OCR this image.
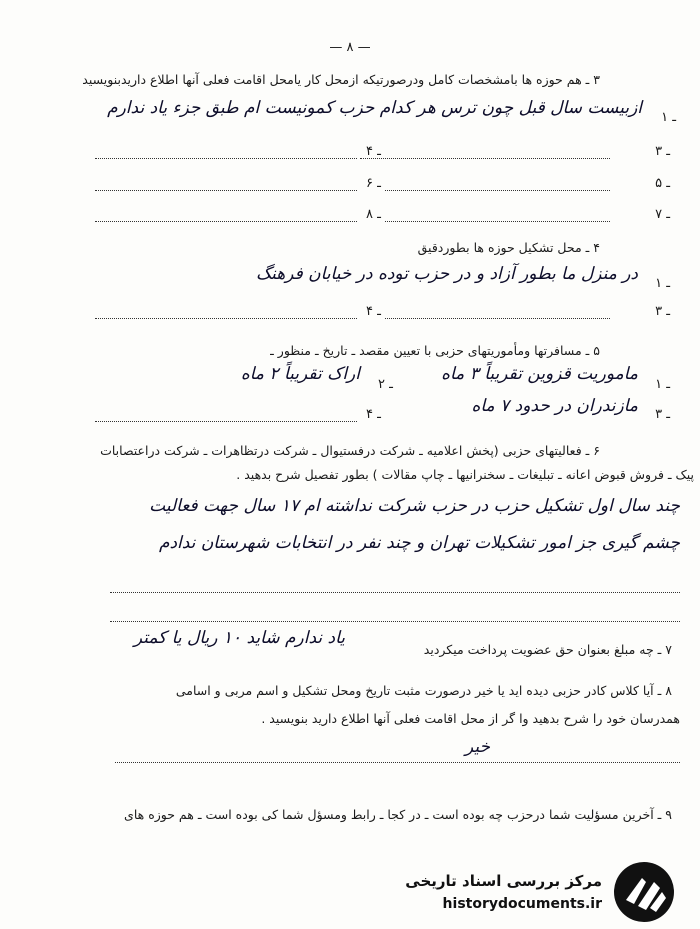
— ۸ —
۳ ـ هم حوزه ها بامشخصات کامل ودرصورتیکه ازمحل کار یامحل اقامت فعلی آنها اطلاع داریدبنویسید
ازبیست سال قبل چون ترس هر کدام حزب کمونیست ام طبق جزء یاد ندارم ۱ ـ
۳ ـ
۴ ـ
۵ ـ
۶ ـ
۷ ـ
۸ ـ
۴ ـ محل تشکیل حوزه ها بطوردقیق
در منزل ما بطور آزاد و در حزب توده در خیابان فرهنگ ۱ ـ
۳ ـ
۴ ـ
۵ ـ مسافرتها ومأموریتهای حزبی با تعیین مقصد ـ تاریخ ـ منظور ـ
۱ ـ
ماموریت قزوین تقریباً ۳ ماه
۲ ـ
اراک تقریباً ۲ ماه
۳ ـ
مازندران در حدود ۷ ماه
۴ ـ
۶ ـ فعالیتهای حزبی (پخش اعلامیه ـ شرکت درفستیوال ـ شرکت درتظاهرات ـ شرکت دراعتصابات
پیک ـ فروش قبوض اعانه ـ تبلیغات ـ سخنرانیها ـ چاپ مقالات ) بطور تفصیل شرح بدهید .
چند سال اول تشکیل حزب در حزب شرکت نداشته ام ۱۷ سال جهت فعالیت
چشم گیری جز امور تشکیلات تهران و چند نفر در انتخابات شهرستان ندادم
۷ ـ چه مبلغ بعنوان حق عضویت پرداخت میکردید
یاد ندارم شاید ۱۰ ریال یا کمتر
۸ ـ آیا کلاس کادر حزبی دیده اید یا خیر درصورت مثبت تاریخ ومحل تشکیل و اسم مربی و اسامی
همدرسان خود را شرح بدهید وا گر از محل اقامت فعلی آنها اطلاع دارید بنویسید .
خیر
۹ ـ آخرین مسؤلیت شما درحزب چه بوده است ـ در کجا ـ رابط ومسؤل شما کی بوده است ـ هم حوزه های
مرکز بررسی اسناد تاریخی
historydocuments.ir
